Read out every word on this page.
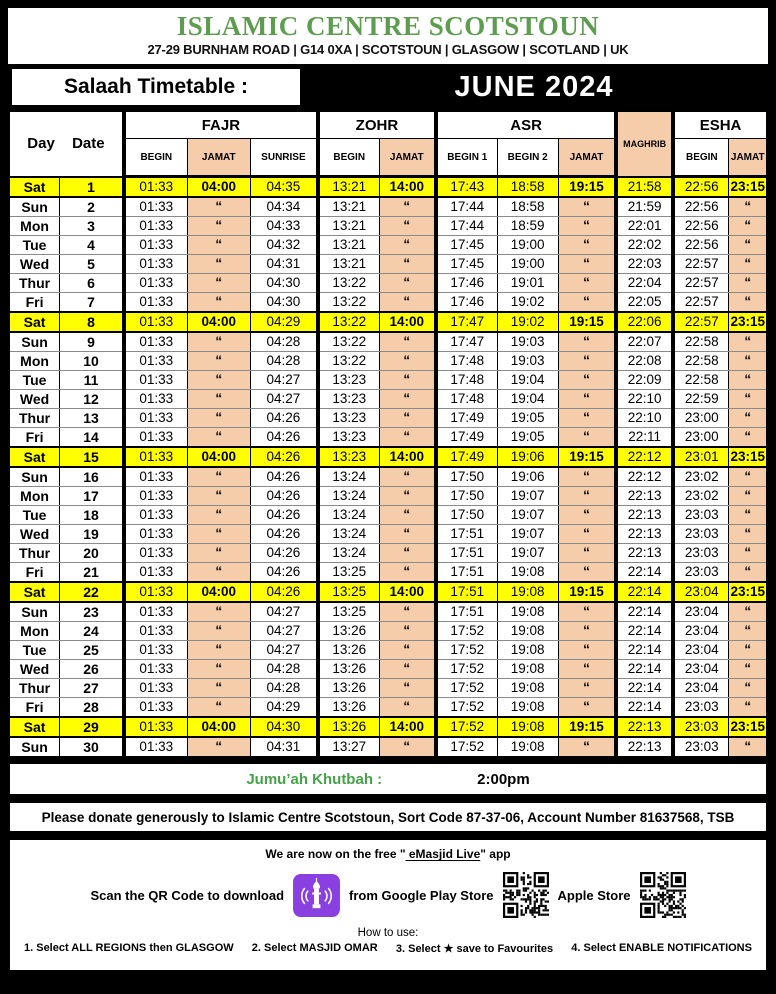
ISLAMIC CENTRE SCOTSTOUN
27-29 BURNHAM ROAD | G14 0XA | SCOTSTOUN | GLASGOW | SCOTLAND | UK
Salaah Timetable :	JUNE 2024
Day Date		FAJR			ZOHR		ASR			MAGHRIB	ESHA	
		BEGIN	JAMAT	SUNRISE	BEGIN	JAMAT	BEGIN 1	BEGIN 2	JAMAT		BEGIN	JAMAT
Sat	1	01:33	04:00	04:35	13:21	14:00	17:43	18:58	19:15	21:58	22:56	23:15
Sun	2	01:33	“	04:34	13:21	“	17:44	18:58	“	21:59	22:56	“
Mon	3	01:33	“	04:33	13:21	“	17:44	18:59	“	22:01	22:56	“
Tue	4	01:33	“	04:32	13:21	“	17:45	19:00	“	22:02	22:56	“
Wed	5	01:33	“	04:31	13:21	“	17:45	19:00	“	22:03	22:57	“
Thur	6	01:33	“	04:30	13:22	“	17:46	19:01	“	22:04	22:57	“
Fri	7	01:33	“	04:30	13:22	“	17:46	19:02	“	22:05	22:57	“
Sat	8	01:33	04:00	04:29	13:22	14:00	17:47	19:02	19:15	22:06	22:57	23:15
Sun	9	01:33	“	04:28	13:22	“	17:47	19:03	“	22:07	22:58	“
Mon	10	01:33	“	04:28	13:22	“	17:48	19:03	“	22:08	22:58	“
Tue	11	01:33	“	04:27	13:23	“	17:48	19:04	“	22:09	22:58	“
Wed	12	01:33	“	04:27	13:23	“	17:48	19:04	“	22:10	22:59	“
Thur	13	01:33	“	04:26	13:23	“	17:49	19:05	“	22:10	23:00	“
Fri	14	01:33	“	04:26	13:23	“	17:49	19:05	“	22:11	23:00	“
Sat	15	01:33	04:00	04:26	13:23	14:00	17:49	19:06	19:15	22:12	23:01	23:15
Sun	16	01:33	“	04:26	13:24	“	17:50	19:06	“	22:12	23:02	“
Mon	17	01:33	“	04:26	13:24	“	17:50	19:07	“	22:13	23:02	“
Tue	18	01:33	“	04:26	13:24	“	17:50	19:07	“	22:13	23:03	“
Wed	19	01:33	“	04:26	13:24	“	17:51	19:07	“	22:13	23:03	“
Thur	20	01:33	“	04:26	13:24	“	17:51	19:07	“	22:13	23:03	“
Fri	21	01:33	“	04:26	13:25	“	17:51	19:08	“	22:14	23:03	“
Sat	22	01:33	04:00	04:26	13:25	14:00	17:51	19:08	19:15	22:14	23:04	23:15
Sun	23	01:33	“	04:27	13:25	“	17:51	19:08	“	22:14	23:04	“
Mon	24	01:33	“	04:27	13:26	“	17:52	19:08	“	22:14	23:04	“
Tue	25	01:33	“	04:27	13:26	“	17:52	19:08	“	22:14	23:04	“
Wed	26	01:33	“	04:28	13:26	“	17:52	19:08	“	22:14	23:04	“
Thur	27	01:33	“	04:28	13:26	“	17:52	19:08	“	22:14	23:04	“
Fri	28	01:33	“	04:29	13:26	“	17:52	19:08	“	22:14	23:03	“
Sat	29	01:33	04:00	04:30	13:26	14:00	17:52	19:08	19:15	22:13	23:03	23:15
Sun	30	01:33	“	04:31	13:27	“	17:52	19:08	“	22:13	23:03	“
Jumu’ah Khutbah :	2:00pm
Please donate generously to Islamic Centre Scotstoun, Sort Code 87-37-06, Account Number 81637568, TSB
We are now on the free " eMasjid Live" app
Scan the QR Code to download	from Google Play Store	Apple Store
How to use:
1. Select ALL REGIONS then GLASGOW 2. Select MASJID OMAR 3. Select ★ save to Favourites 4. Select ENABLE NOTIFICATIONS
